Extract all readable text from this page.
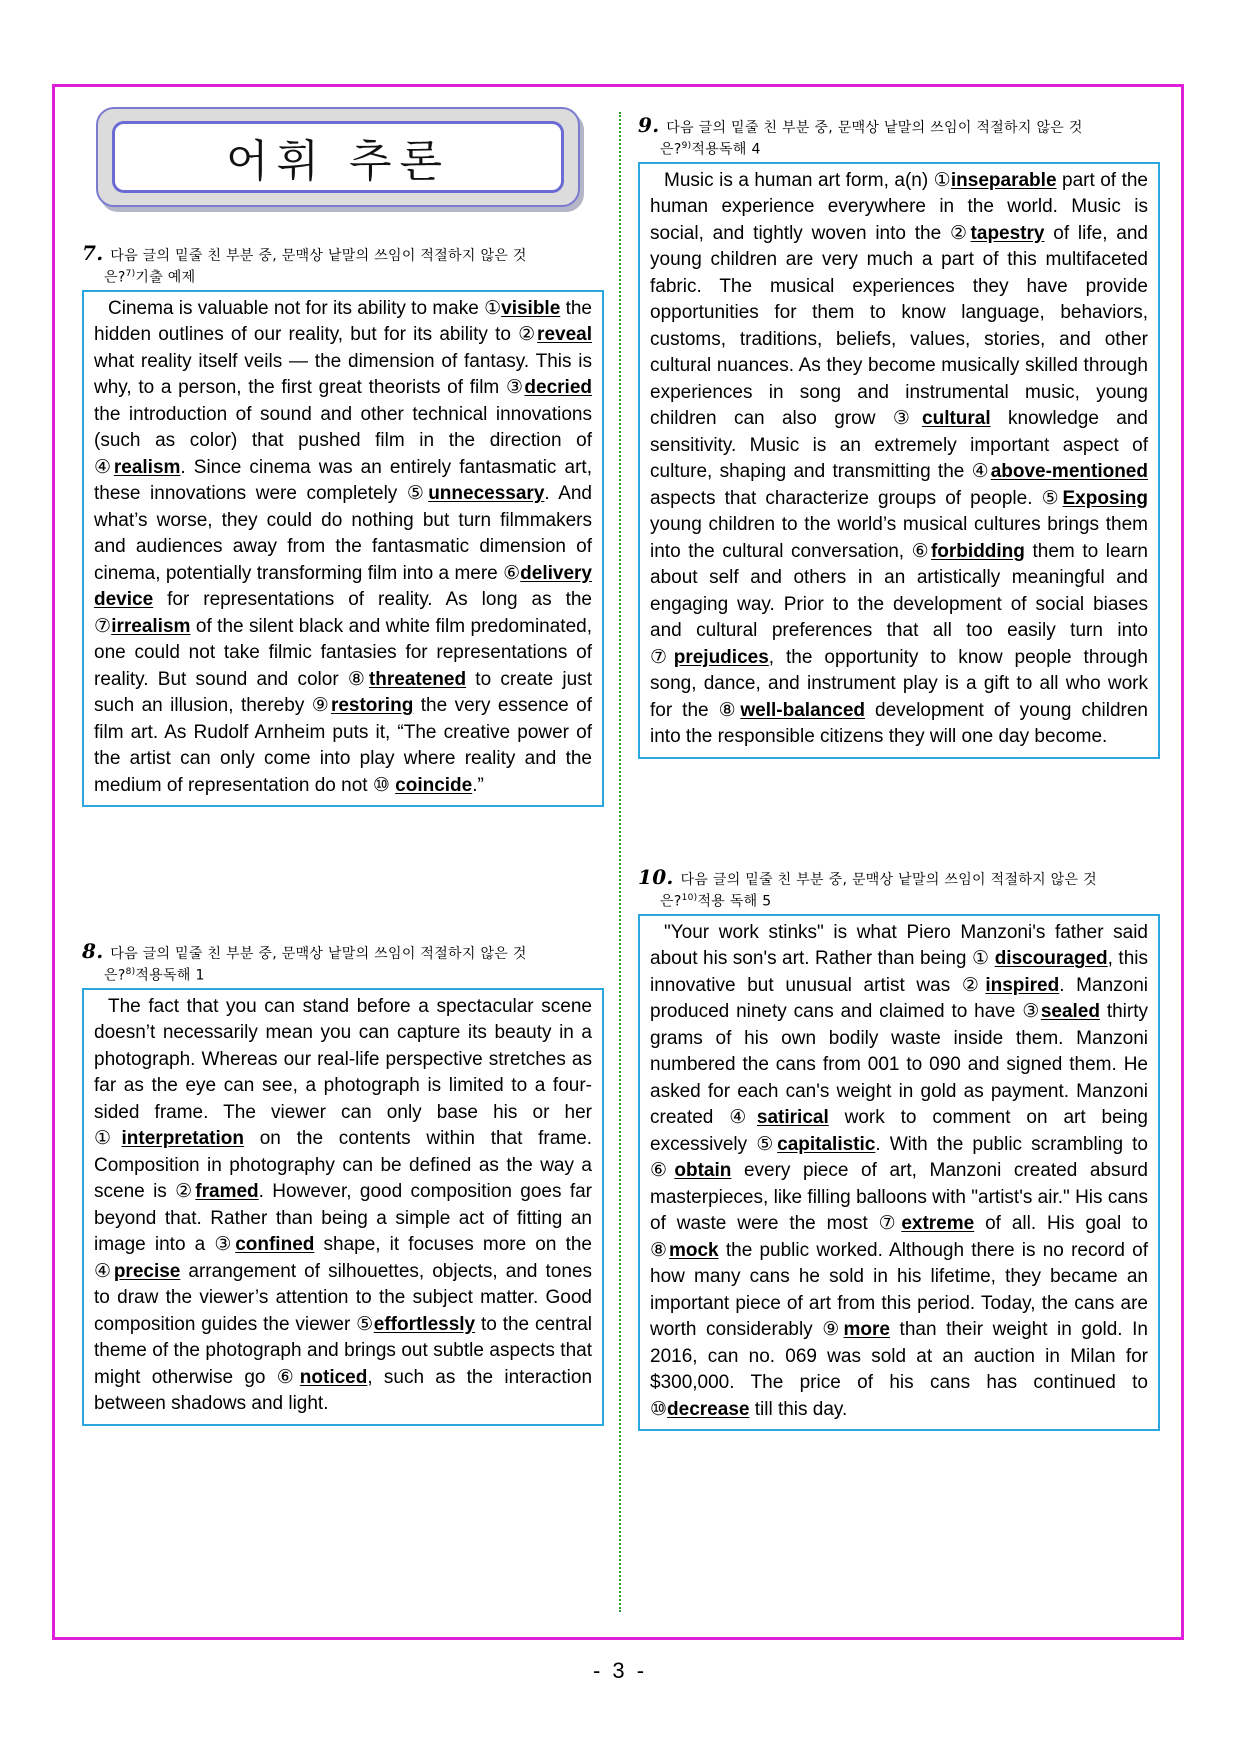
어휘 추론
7. 다음 글의 밑줄 친 부분 중, 문맥상 낱말의 쓰임이 적절하지 않은 것
은?$^{7)}$기출 예제

Cinema is valuable not for its ability to make ①visible the hidden outlines of our reality, but for its ability to ②reveal what reality itself veils — the dimension of fantasy. This is why, to a person, the first great theorists of film ③decried the introduction of sound and other technical innovations (such as color) that pushed film in the direction of ④realism. Since cinema was an entirely fantasmatic art, these innovations were completely ⑤unnecessary. And what’s worse, they could do nothing but turn filmmakers and audiences away from the fantasmatic dimension of cinema, potentially transforming film into a mere ⑥delivery device for representations of reality. As long as the ⑦irrealism of the silent black and white film predominated, one could not take filmic fantasies for representations of reality. But sound and color ⑧threatened to create just such an illusion, thereby ⑨restoring the very essence of film art. As Rudolf Arnheim puts it, “The creative power of the artist can only come into play where reality and the medium of representation do not ⑩ coincide.”

8. 다음 글의 밑줄 친 부분 중, 문맥상 낱말의 쓰임이 적절하지 않은 것
은?$^{8)}$적용독해 1

The fact that you can stand before a spectacular scene doesn’t necessarily mean you can capture its beauty in a photograph. Whereas our real-life perspective stretches as far as the eye can see, a photograph is limited to a four-sided frame. The viewer can only base his or her ①interpretation on the contents within that frame. Composition in photography can be defined as the way a scene is ②framed. However, good composition goes far beyond that. Rather than being a simple act of fitting an image into a ③confined shape, it focuses more on the ④precise arrangement of silhouettes, objects, and tones to draw the viewer’s attention to the subject matter. Good composition guides the viewer ⑤effortlessly to the central theme of the photograph and brings out subtle aspects that might otherwise go ⑥noticed, such as the interaction between shadows and light.

9. 다음 글의 밑줄 친 부분 중, 문맥상 낱말의 쓰임이 적절하지 않은 것
은?$^{9)}$적용독해 4

Music is a human art form, a(n) ①inseparable part of the human experience everywhere in the world. Music is social, and tightly woven into the ②tapestry of life, and young children are very much a part of this multifaceted fabric. The musical experiences they have provide opportunities for them to know language, behaviors, customs, traditions, beliefs, values, stories, and other cultural nuances. As they become musically skilled through experiences in song and instrumental music, young children can also grow ③cultural knowledge and sensitivity. Music is an extremely important aspect of culture, shaping and transmitting the ④above-mentioned aspects that characterize groups of people. ⑤Exposing young children to the world’s musical cultures brings them into the cultural conversation, ⑥forbidding them to learn about self and others in an artistically meaningful and engaging way. Prior to the development of social biases and cultural preferences that all too easily turn into ⑦prejudices, the opportunity to know people through song, dance, and instrument play is a gift to all who work for the ⑧well-balanced development of young children into the responsible citizens they will one day become.

10. 다음 글의 밑줄 친 부분 중, 문맥상 낱말의 쓰임이 적절하지 않은 것
은?$^{10)}$적용 독해 5

"Your work stinks" is what Piero Manzoni's father said about his son's art. Rather than being ① discouraged, this innovative but unusual artist was ②inspired. Manzoni produced ninety cans and claimed to have ③sealed thirty grams of his own bodily waste inside them. Manzoni numbered the cans from 001 to 090 and signed them. He asked for each can's weight in gold as payment. Manzoni created ④satirical work to comment on art being excessively ⑤capitalistic. With the public scrambling to ⑥obtain every piece of art, Manzoni created absurd masterpieces, like filling balloons with "artist's air." His cans of waste were the most ⑦extreme of all. His goal to ⑧mock the public worked. Although there is no record of how many cans he sold in his lifetime, they became an important piece of art from this period. Today, the cans are worth considerably ⑨more than their weight in gold. In 2016, can no. 069 was sold at an auction in Milan for $300,000. The price of his cans has continued to ⑩decrease till this day.

- 3 -
